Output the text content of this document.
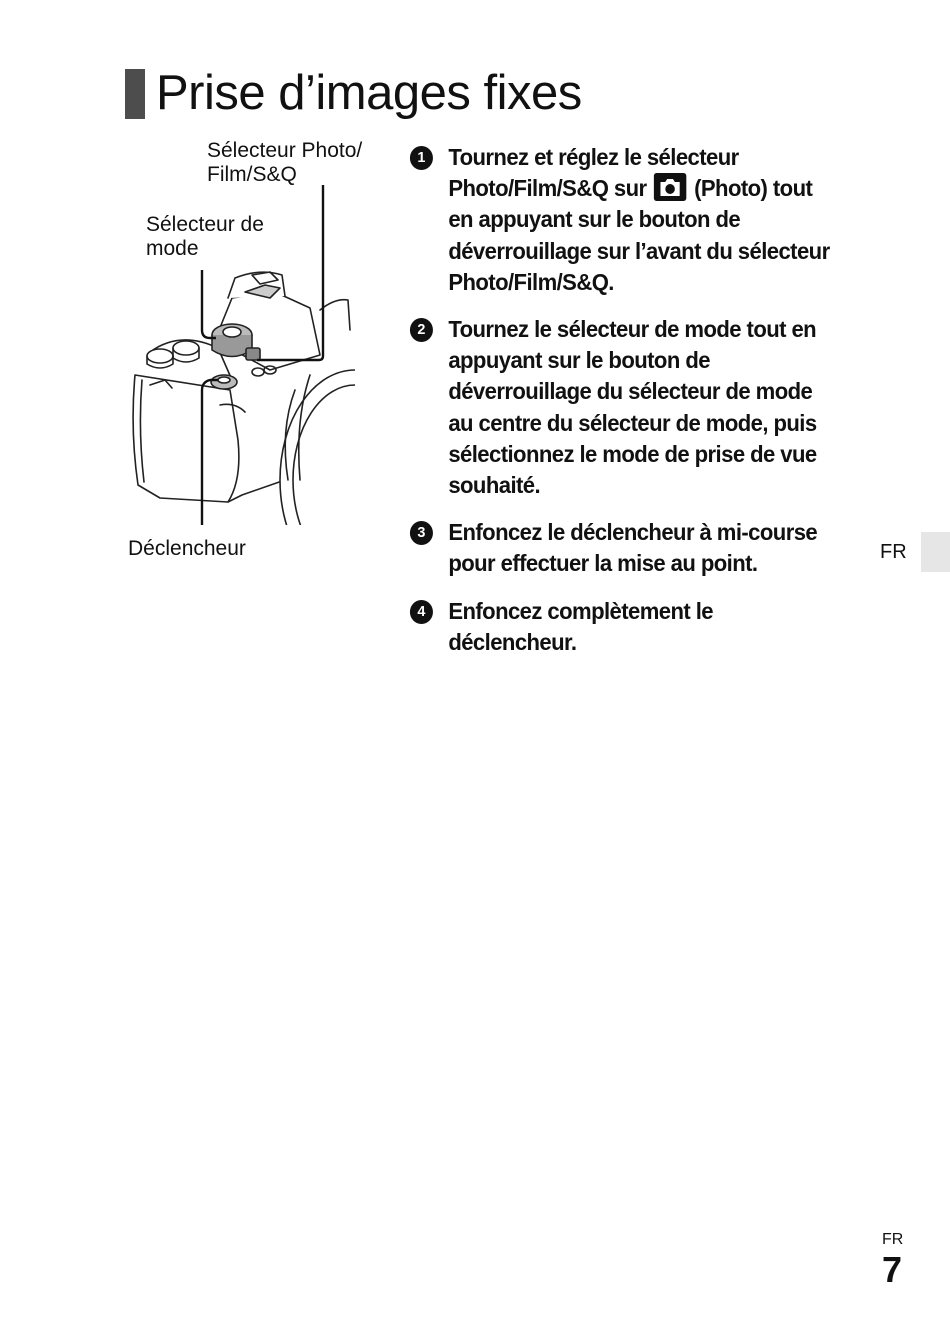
Prise d’images fixes
Sélecteur Photo/
Film/S&Q
Sélecteur de
mode
Déclencheur
1 Tournez et réglez le sélecteur Photo/Film/S&Q sur  (Photo) tout en appuyant sur le bouton de déverrouillage sur l’avant du sélecteur Photo/Film/S&Q.
2 Tournez le sélecteur de mode tout en appuyant sur le bouton de déverrouillage du sélecteur de mode au centre du sélecteur de mode, puis sélectionnez le mode de prise de vue souhaité.
3 Enfoncez le déclencheur à mi-course pour effectuer la mise au point.
4 Enfoncez complètement le déclencheur.
FR
FR
7
